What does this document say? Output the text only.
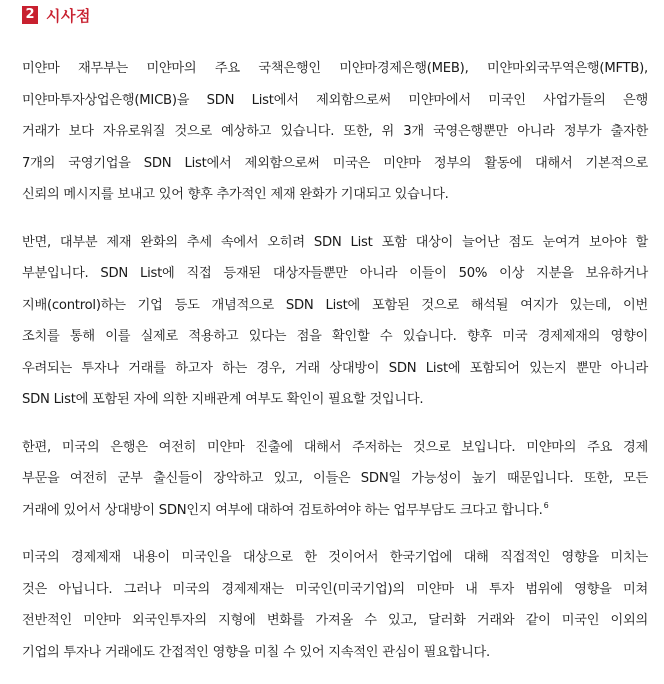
2 시사점
미얀마 재무부는 미얀마의 주요 국책은행인 미얀마경제은행(MEB), 미얀마외국무역은행(MFTB),
미얀마투자상업은행(MICB)을 SDN List에서 제외함으로써 미얀마에서 미국인 사업가들의 은행
거래가 보다 자유로워질 것으로 예상하고 있습니다. 또한, 위 3개 국영은행뿐만 아니라 정부가 출자한
7개의 국영기업을 SDN List에서 제외함으로써 미국은 미얀마 정부의 활동에 대해서 기본적으로
신뢰의 메시지를 보내고 있어 향후 추가적인 제재 완화가 기대되고 있습니다.
반면, 대부분 제재 완화의 추세 속에서 오히려 SDN List 포함 대상이 늘어난 점도 눈여겨 보아야 할
부분입니다. SDN List에 직접 등재된 대상자들뿐만 아니라 이들이 50% 이상 지분을 보유하거나
지배(control)하는 기업 등도 개념적으로 SDN List에 포함된 것으로 해석될 여지가 있는데, 이번
조치를 통해 이를 실제로 적용하고 있다는 점을 확인할 수 있습니다. 향후 미국 경제제재의 영향이
우려되는 투자나 거래를 하고자 하는 경우, 거래 상대방이 SDN List에 포함되어 있는지 뿐만 아니라
SDN List에 포함된 자에 의한 지배관계 여부도 확인이 필요할 것입니다.
한편, 미국의 은행은 여전히 미얀마 진출에 대해서 주저하는 것으로 보입니다. 미얀마의 주요 경제
부문을 여전히 군부 출신들이 장악하고 있고, 이들은 SDN일 가능성이 높기 때문입니다. 또한, 모든
거래에 있어서 상대방이 SDN인지 여부에 대하여 검토하여야 하는 업무부담도 크다고 합니다.$^6$
미국의 경제제재 내용이 미국인을 대상으로 한 것이어서 한국기업에 대해 직접적인 영향을 미치는
것은 아닙니다. 그러나 미국의 경제제재는 미국인(미국기업)의 미얀마 내 투자 범위에 영향을 미쳐
전반적인 미얀마 외국인투자의 지형에 변화를 가져올 수 있고, 달러화 거래와 같이 미국인 이외의
기업의 투자나 거래에도 간접적인 영향을 미칠 수 있어 지속적인 관심이 필요합니다.
